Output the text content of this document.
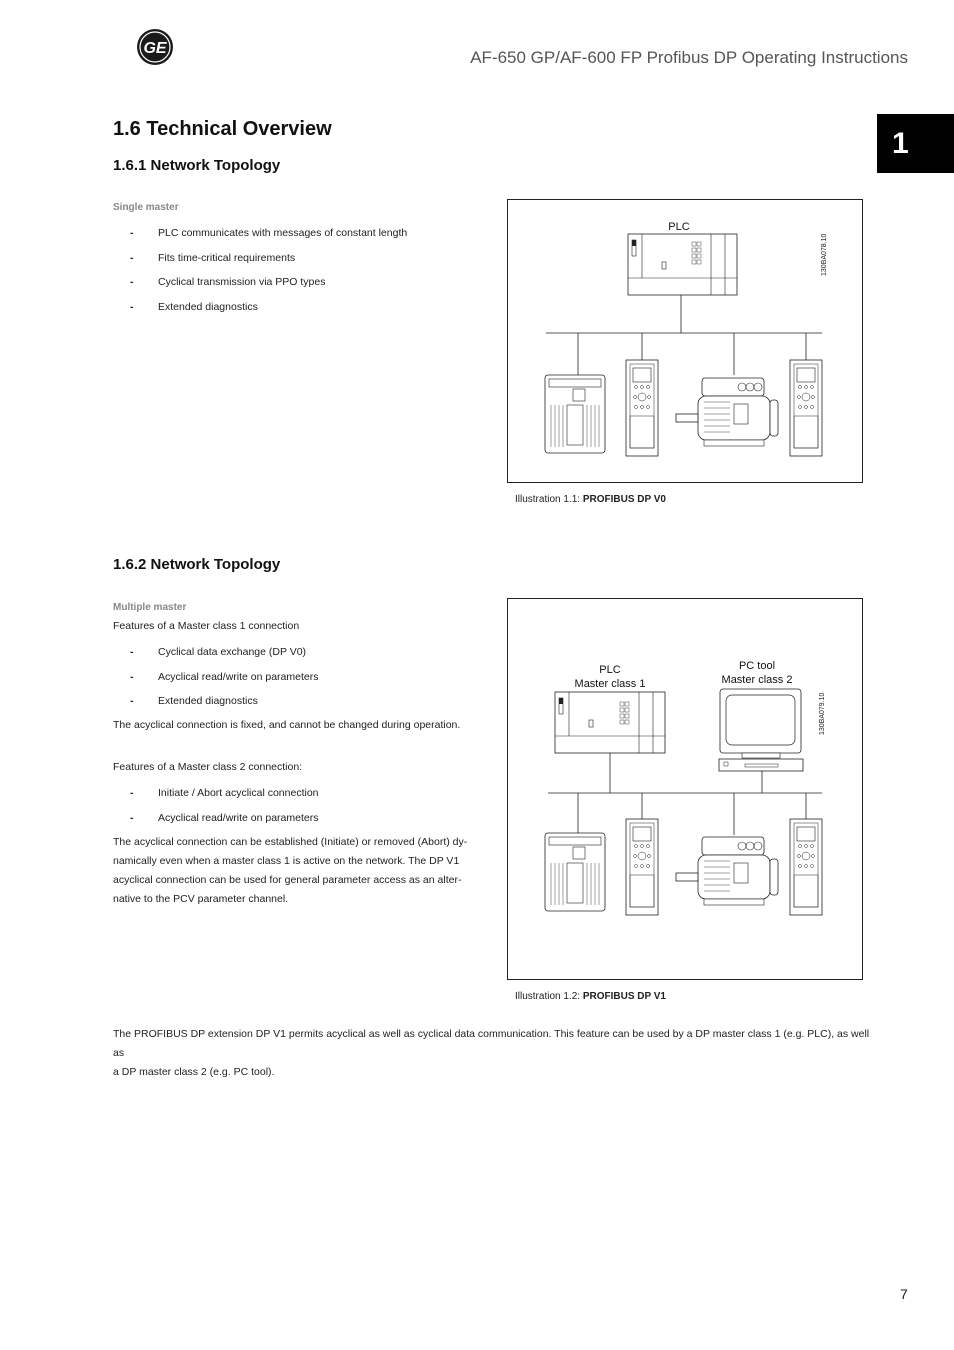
GE	AF-650 GP/AF-600 FP Profibus DP Operating Instructions
1
1.6 Technical Overview
1.6.1 Network Topology
Single master
- PLC communicates with messages of constant length
- Fits time-critical requirements
- Cyclical transmission via PPO types
- Extended diagnostics
PLC
130BA078.10
Illustration 1.1: PROFIBUS DP V0
1.6.2 Network Topology
Multiple master
Features of a Master class 1 connection
- Cyclical data exchange (DP V0)
- Acyclical read/write on parameters
- Extended diagnostics
The acyclical connection is fixed, and cannot be changed during operation.
Features of a Master class 2 connection:
- Initiate / Abort acyclical connection
- Acyclical read/write on parameters
The acyclical connection can be established (Initiate) or removed (Abort) dy-
namically even when a master class 1 is active on the network. The DP V1
acyclical connection can be used for general parameter access as an alter-
native to the PCV parameter channel.
PLC
Master class 1
PC tool
Master class 2
130BA079.10
Illustration 1.2: PROFIBUS DP V1
The PROFIBUS DP extension DP V1 permits acyclical as well as cyclical data communication. This feature can be used by a DP master class 1 (e.g. PLC), as well as
a DP master class 2 (e.g. PC tool).
7
